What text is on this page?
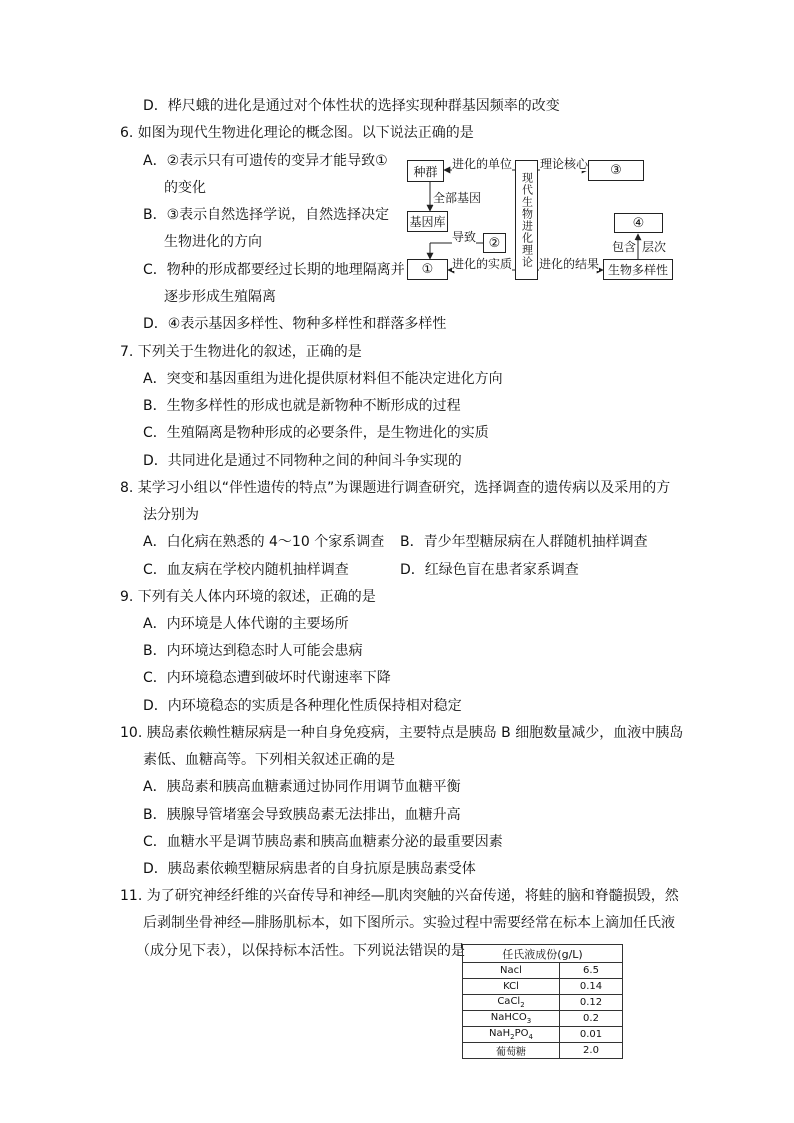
D．桦尺蛾的进化是通过对个体性状的选择实现种群基因频率的改变
6. 如图为现代生物进化理论的概念图。以下说法正确的是
A．②表示只有可遗传的变异才能导致①
的变化
B．③表示自然选择学说，自然选择决定
生物进化的方向
C．物种的形成都要经过长期的地理隔离并
逐步形成生殖隔离
D．④表示基因多样性、物种多样性和群落多样性
种群
基因库
①
②
③
④
生物多样性
现代生物进化理论
进化的单位 理论核心
全部基因
导致
进化的实质 进化的结果
包含 层次
7. 下列关于生物进化的叙述，正确的是
A．突变和基因重组为进化提供原材料但不能决定进化方向
B．生物多样性的形成也就是新物种不断形成的过程
C．生殖隔离是物种形成的必要条件，是生物进化的实质
D．共同进化是通过不同物种之间的种间斗争实现的
8. 某学习小组以“伴性遗传的特点”为课题进行调查研究，选择调查的遗传病以及采用的方
法分别为
A．白化病在熟悉的 4～10 个家系调查 B．青少年型糖尿病在人群随机抽样调查
C．血友病在学校内随机抽样调查	D．红绿色盲在患者家系调查
9. 下列有关人体内环境的叙述，正确的是
A．内环境是人体代谢的主要场所
B．内环境达到稳态时人可能会患病
C．内环境稳态遭到破坏时代谢速率下降
D．内环境稳态的实质是各种理化性质保持相对稳定
10. 胰岛素依赖性糖尿病是一种自身免疫病，主要特点是胰岛 B 细胞数量减少，血液中胰岛
素低、血糖高等。下列相关叙述正确的是
A．胰岛素和胰高血糖素通过协同作用调节血糖平衡
B．胰腺导管堵塞会导致胰岛素无法排出，血糖升高
C．血糖水平是调节胰岛素和胰高血糖素分泌的最重要因素
D．胰岛素依赖型糖尿病患者的自身抗原是胰岛素受体
11. 为了研究神经纤维的兴奋传导和神经—肌肉突触的兴奋传递，将蛙的脑和脊髓损毁，然
后剥制坐骨神经—腓肠肌标本，如下图所示。实验过程中需要经常在标本上滴加任氏液
（成分见下表），以保持标本活性。下列说法错误的是	任氏液成份(g/L)	
Nacl	6.5
KCl	0.14
CaCl$_2$	0.12
NaHCO$_3$	0.2
$NaH_2PO_4$	0.01
葡萄糖	2.0
